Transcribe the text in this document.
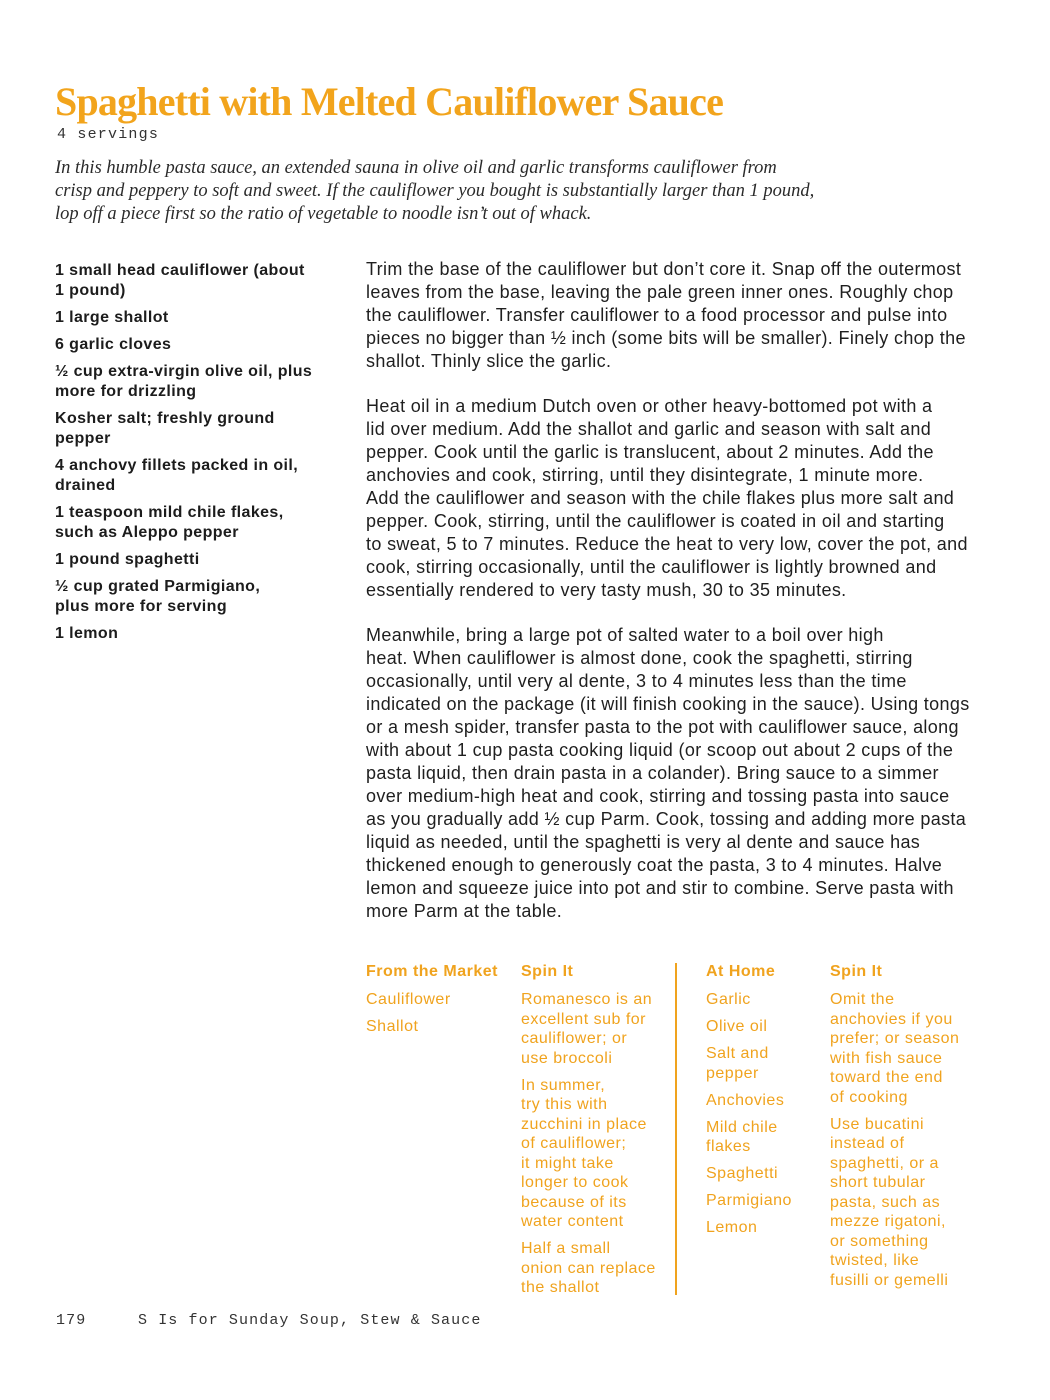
Spaghetti with Melted Cauliflower Sauce
4 servings
In this humble pasta sauce, an extended sauna in olive oil and garlic transforms cauliflower from
crisp and peppery to soft and sweet. If the cauliflower you bought is substantially larger than 1 pound,
lop off a piece first so the ratio of vegetable to noodle isn’t out of whack.
1 small head cauliflower (about
1 pound)
1 large shallot
6 garlic cloves
½ cup extra-virgin olive oil, plus
more for drizzling
Kosher salt; freshly ground
pepper
4 anchovy fillets packed in oil,
drained
1 teaspoon mild chile flakes,
such as Aleppo pepper
1 pound spaghetti
½ cup grated Parmigiano,
plus more for serving
1 lemon
Trim the base of the cauliflower but don’t core it. Snap off the outermost
leaves from the base, leaving the pale green inner ones. Roughly chop
the cauliflower. Transfer cauliflower to a food processor and pulse into
pieces no bigger than ½ inch (some bits will be smaller). Finely chop the
shallot. Thinly slice the garlic.
Heat oil in a medium Dutch oven or other heavy-bottomed pot with a
lid over medium. Add the shallot and garlic and season with salt and
pepper. Cook until the garlic is translucent, about 2 minutes. Add the
anchovies and cook, stirring, until they disintegrate, 1 minute more.
Add the cauliflower and season with the chile flakes plus more salt and
pepper. Cook, stirring, until the cauliflower is coated in oil and starting
to sweat, 5 to 7 minutes. Reduce the heat to very low, cover the pot, and
cook, stirring occasionally, until the cauliflower is lightly browned and
essentially rendered to very tasty mush, 30 to 35 minutes.
Meanwhile, bring a large pot of salted water to a boil over high
heat. When cauliflower is almost done, cook the spaghetti, stirring
occasionally, until very al dente, 3 to 4 minutes less than the time
indicated on the package (it will finish cooking in the sauce). Using tongs
or a mesh spider, transfer pasta to the pot with cauliflower sauce, along
with about 1 cup pasta cooking liquid (or scoop out about 2 cups of the
pasta liquid, then drain pasta in a colander). Bring sauce to a simmer
over medium-high heat and cook, stirring and tossing pasta into sauce
as you gradually add ½ cup Parm. Cook, tossing and adding more pasta
liquid as needed, until the spaghetti is very al dente and sauce has
thickened enough to generously coat the pasta, 3 to 4 minutes. Halve
lemon and squeeze juice into pot and stir to combine. Serve pasta with
more Parm at the table.
From the Market
Cauliflower
Shallot
Spin It
Romanesco is an
excellent sub for
cauliflower; or
use broccoli
In summer,
try this with
zucchini in place
of cauliflower;
it might take
longer to cook
because of its
water content
Half a small
onion can replace
the shallot
At Home
Garlic
Olive oil
Salt and
pepper
Anchovies
Mild chile
flakes
Spaghetti
Parmigiano
Lemon
Spin It
Omit the
anchovies if you
prefer; or season
with fish sauce
toward the end
of cooking
Use bucatini
instead of
spaghetti, or a
short tubular
pasta, such as
mezze rigatoni,
or something
twisted, like
fusilli or gemelli
179	S Is for Sunday Soup, Stew & Sauce
